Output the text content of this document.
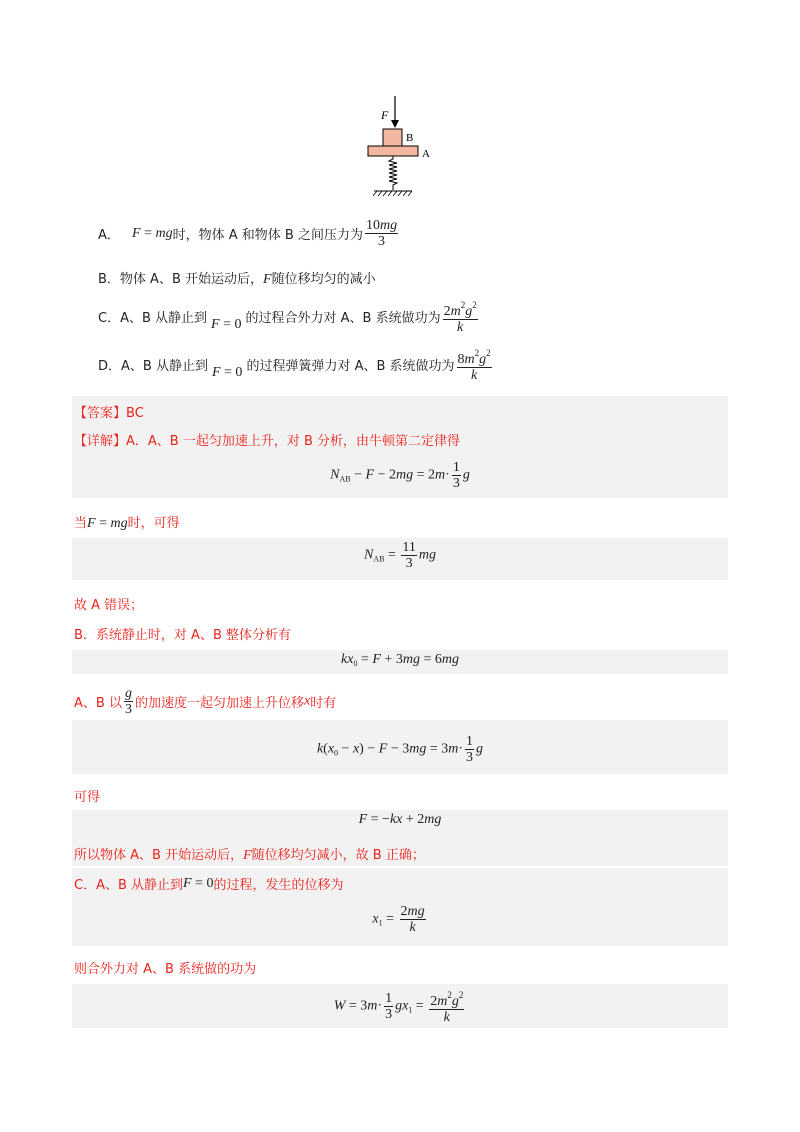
F
B
A
A． F = mg时，物体 A 和物体 B 之间压力为 $\frac{10mg}{3}$
B．物体 A、B 开始运动后，F随位移均匀的减小
C．A、B 从静止到 F = 0 的过程合外力对 A、B 系统做功为 $\frac{2m^2g^2}{k}$
D．A、B 从静止到 F = 0 的过程弹簧弹力对 A、B 系统做功为 $\frac{8m^2g^2}{k}$
【答案】BC
【详解】A．A、B 一起匀加速上升，对 B 分析，由牛顿第二定律得
$N_{AB} - F - 2mg = 2m\cdot \frac{1}{3}$ g
当F = mg时，可得
$N_{AB} = \frac{11}{3}$ mg
故 A 错误；
B．系统静止时，对 A、B 整体分析有
$kx_0 = F + 3mg = 6mg$
A、B 以 $\frac{g}{3}$ 的加速度一起匀加速上升位移x时有
$k(x_0 - x) - F - 3mg = 3m\cdot \frac{1}{3}$ g
可得
F = −kx + 2mg
所以物体 A、B 开始运动后，F随位移均匀减小，故 B 正确；
C．A、B 从静止到F = 0的过程，发生的位移为
$x_1 = \frac{2mg}{k}$
则合外力对 A、B 系统做的功为
$W = 3m\cdot \frac{1}{3} gx_1 = \frac{2m^2g^2}{k}$
